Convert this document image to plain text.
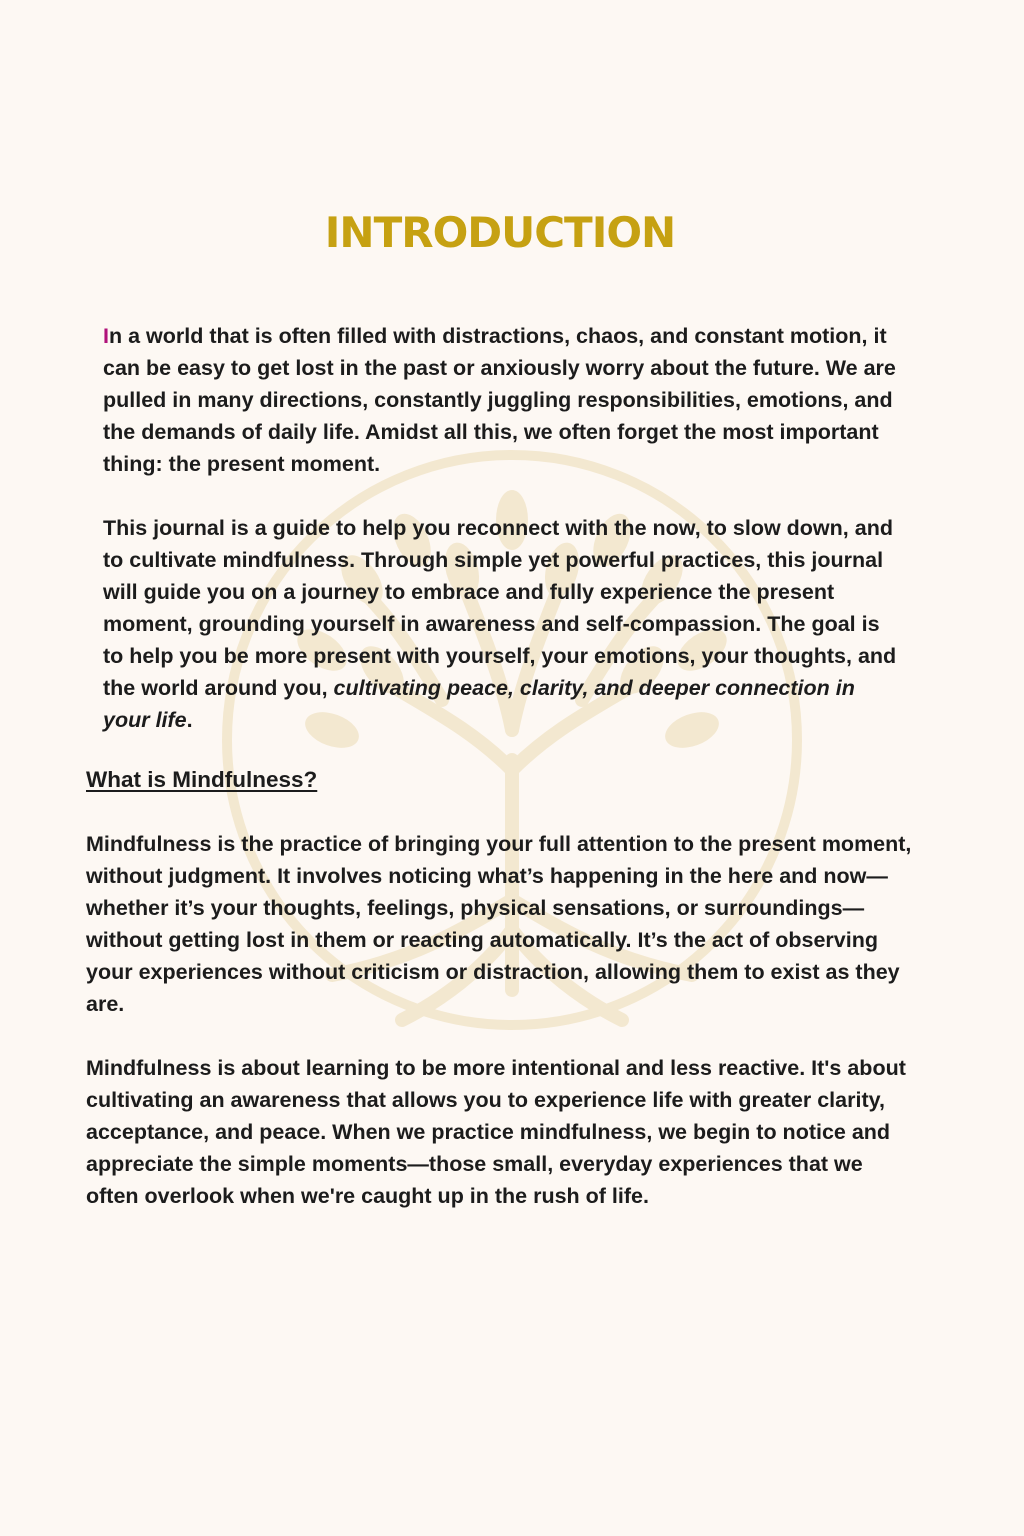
INTRODUCTION

In a world that is often filled with distractions, chaos, and constant motion, it can be easy to get lost in the past or anxiously worry about the future. We are pulled in many directions, constantly juggling responsibilities, emotions, and the demands of daily life. Amidst all this, we often forget the most important thing: the present moment.

This journal is a guide to help you reconnect with the now, to slow down, and to cultivate mindfulness. Through simple yet powerful practices, this journal will guide you on a journey to embrace and fully experience the present moment, grounding yourself in awareness and self-compassion. The goal is to help you be more present with yourself, your emotions, your thoughts, and the world around you, cultivating peace, clarity, and deeper connection in your life.

What is Mindfulness?

Mindfulness is the practice of bringing your full attention to the present moment, without judgment. It involves noticing what’s happening in the here and now—whether it’s your thoughts, feelings, physical sensations, or surroundings—without getting lost in them or reacting automatically. It’s the act of observing your experiences without criticism or distraction, allowing them to exist as they are.

Mindfulness is about learning to be more intentional and less reactive. It's about cultivating an awareness that allows you to experience life with greater clarity, acceptance, and peace. When we practice mindfulness, we begin to notice and appreciate the simple moments—those small, everyday experiences that we often overlook when we're caught up in the rush of life.
